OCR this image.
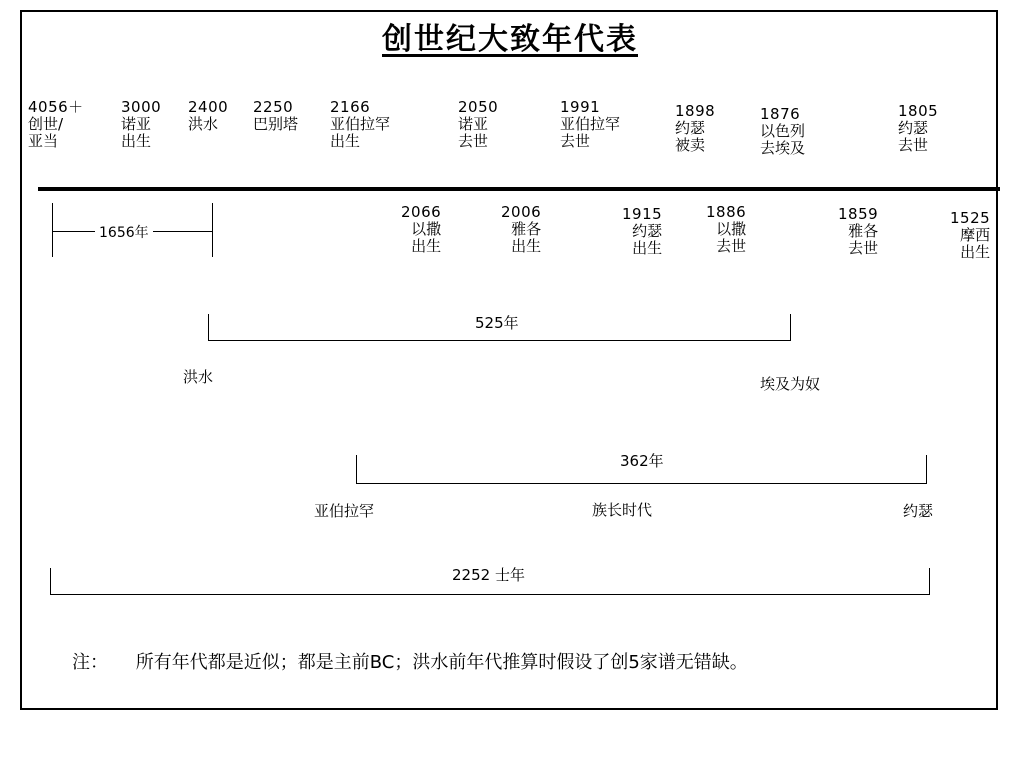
创世纪大致年代表
4056＋
创世/
亚当
3000
诺亚
出生
2400
洪水
2250
巴别塔
2166
亚伯拉罕
出生
2050
诺亚
去世
1991
亚伯拉罕
去世
1898
约瑟
被卖
1876
以色列
去埃及
1805
约瑟
去世
1656年
2066
以撒
出生
2006
雅各
出生
1915
约瑟
出生
1886
以撒
去世
1859
雅各
去世
1525
摩西
出生
525年
洪水	埃及为奴
362年
亚伯拉罕	族长时代	约瑟
2252 士年
注： 所有年代都是近似；都是主前BC；洪水前年代推算时假设了创5家谱无错缺。
